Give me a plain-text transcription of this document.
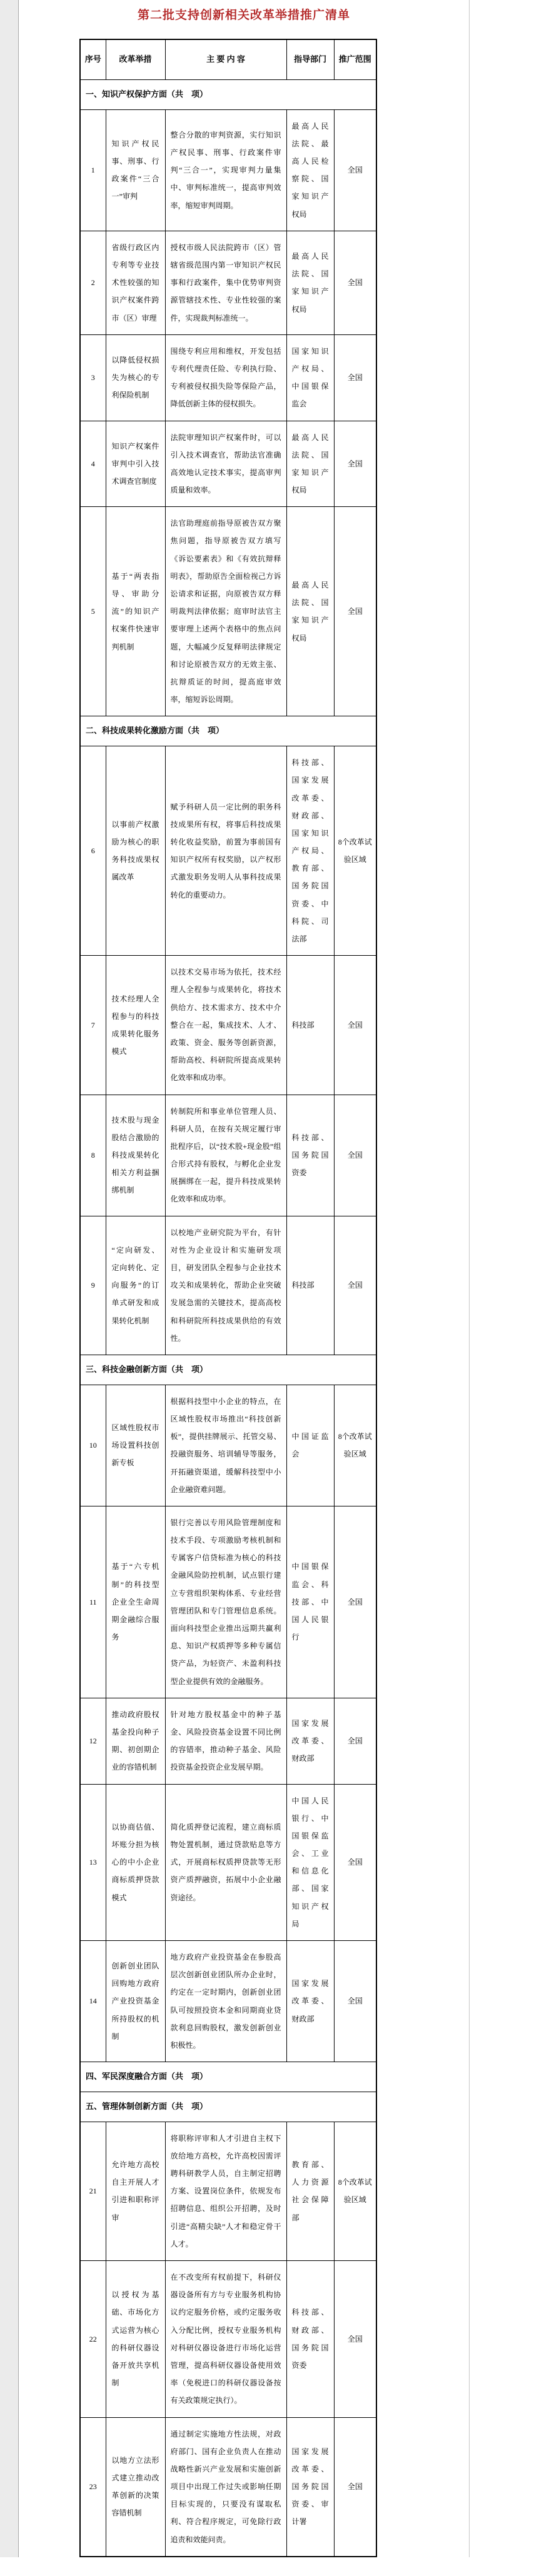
第二批支持创新相关改革举措推广清单
序号	改革举措	主 要 内 容	指导部门	推广范围
一、知识产权保护方面（共　项）				
1	知识产权民事、刑事、行政案件“三合一”审判	整合分散的审判资源，实行知识产权民事、刑事、行政案件审判“三合一”，实现审判力量集中、审判标准统一，提高审判效率，缩短审判周期。	最高人民法院、最高人民检察院、国家知识产权局	全国
2	省级行政区内专利等专业技术性较强的知识产权案件跨市（区）审理	授权市级人民法院跨市（区）管辖省级范围内第一审知识产权民事和行政案件，集中优势审判资源管辖技术性、专业性较强的案件，实现裁判标准统一。	最高人民法院、国家知识产权局	全国
3	以降低侵权损失为核心的专利保险机制	围绕专利应用和维权，开发包括专利代理责任险、专利执行险、专利被侵权损失险等保险产品，降低创新主体的侵权损失。	国家知识产权局、中国银保监会	全国
4	知识产权案件审判中引入技术调查官制度	法院审理知识产权案件时，可以引入技术调查官，帮助法官准确高效地认定技术事实，提高审判质量和效率。	最高人民法院、国家知识产权局	全国
5	基于“两表指导、审助分流”的知识产权案件快速审判机制	法官助理庭前指导原被告双方聚焦问题，指导原被告双方填写《诉讼要素表》和《有效抗辩释明表》，帮助原告全面检视己方诉讼请求和证据，向原被告双方释明裁判法律依据；庭审时法官主要审理上述两个表格中的焦点问题，大幅减少反复释明法律规定和讨论原被告双方的无效主张、抗辩质证的时间，提高庭审效率，缩短诉讼周期。	最高人民法院、国家知识产权局	全国
二、科技成果转化激励方面（共　项）				
6	以事前产权激励为核心的职务科技成果权属改革	赋予科研人员一定比例的职务科技成果所有权，将事后科技成果转化收益奖励，前置为事前国有知识产权所有权奖励，以产权形式激发职务发明人从事科技成果转化的重要动力。	科技部、国家发展改革委、财政部、国家知识产权局、教育部、国务院国资委、中科院、司法部	8个改革试验区域
7	技术经理人全程参与的科技成果转化服务模式	以技术交易市场为依托，技术经理人全程参与成果转化，将技术供给方、技术需求方、技术中介整合在一起，集成技术、人才、政策、资金、服务等创新资源，帮助高校、科研院所提高成果转化效率和成功率。	科技部	全国
8	技术股与现金股结合激励的科技成果转化相关方利益捆绑机制	转制院所和事业单位管理人员、科研人员，在按有关规定履行审批程序后，以“技术股+现金股”组合形式持有股权，与孵化企业发展捆绑在一起，提升科技成果转化效率和成功率。	科技部、国务院国资委	全国
9	“定向研发、定向转化、定向服务”的订单式研发和成果转化机制	以校地产业研究院为平台，有针对性为企业设计和实施研发项目，研发团队全程参与企业技术攻关和成果转化，帮助企业突破发展急需的关键技术，提高高校和科研院所科技成果供给的有效性。	科技部	全国
三、科技金融创新方面（共　项）				
10	区域性股权市场设置科技创新专板	根据科技型中小企业的特点，在区域性股权市场推出“科技创新板”，提供挂牌展示、托管交易、投融资服务、培训辅导等服务，开拓融资渠道，缓解科技型中小企业融资难问题。	中国证监会	8个改革试验区域
11	基于“六专机制”的科技型企业全生命周期金融综合服务	银行完善以专用风险管理制度和技术手段、专项激励考核机制和专属客户信贷标准为核心的科技金融风险防控机制，试点银行建立专营组织架构体系、专业经营管理团队和专门管理信息系统。面向科技型企业推出远期共赢利息、知识产权质押等多种专属信贷产品，为轻资产、未盈利科技型企业提供有效的金融服务。	中国银保监会、科技部、中国人民银行	全国
12	推动政府股权基金投向种子期、初创期企业的容错机制	针对地方股权基金中的种子基金、风险投资基金设置不同比例的容错率，推动种子基金、风险投资基金投资企业发展早期。	国家发展改革委、财政部	全国
13	以协商估值、坏账分担为核心的中小企业商标质押贷款模式	简化质押登记流程，建立商标质物处置机制，通过贷款贴息等方式，开展商标权质押贷款等无形资产质押融资，拓展中小企业融资途径。	中国人民银行、中国银保监会、工业和信息化部、国家知识产权局	全国
14	创新创业团队回购地方政府产业投资基金所持股权的机制	地方政府产业投资基金在参股高层次创新创业团队所办企业时，约定在一定时期内，创新创业团队可按照投资本金和同期商业贷款利息回购股权，激发创新创业积极性。	国家发展改革委、财政部	全国
四、军民深度融合方面（共　项）				
五、管理体制创新方面（共　项）				
21	允许地方高校自主开展人才引进和职称评审	将职称评审和人才引进自主权下放给地方高校，允许高校因需评聘科研教学人员，自主制定招聘方案、设置岗位条件，依规发布招聘信息、组织公开招聘，及时引进“高精尖缺”人才和稳定骨干人才。	教育部、人力资源社会保障部	8个改革试验区域
22	以授权为基础、市场化方式运营为核心的科研仪器设备开放共享机制	在不改变所有权前提下，科研仪器设备所有方与专业服务机构协议约定服务价格，或约定服务收入分配比例，授权专业服务机构对科研仪器设备进行市场化运营管理，提高科研仪器设备使用效率（免税进口的科研仪器设备按有关政策规定执行）。	科技部、财政部、国务院国资委	全国
23	以地方立法形式建立推动改革创新的决策容错机制	通过制定实施地方性法规，对政府部门、国有企业负责人在推动战略性新兴产业发展和实施创新项目中出现工作过失或影响任期目标实现的，只要没有谋取私利、符合程序规定，可免除行政追责和效能问责。	国家发展改革委、国务院国资委、审计署	全国
